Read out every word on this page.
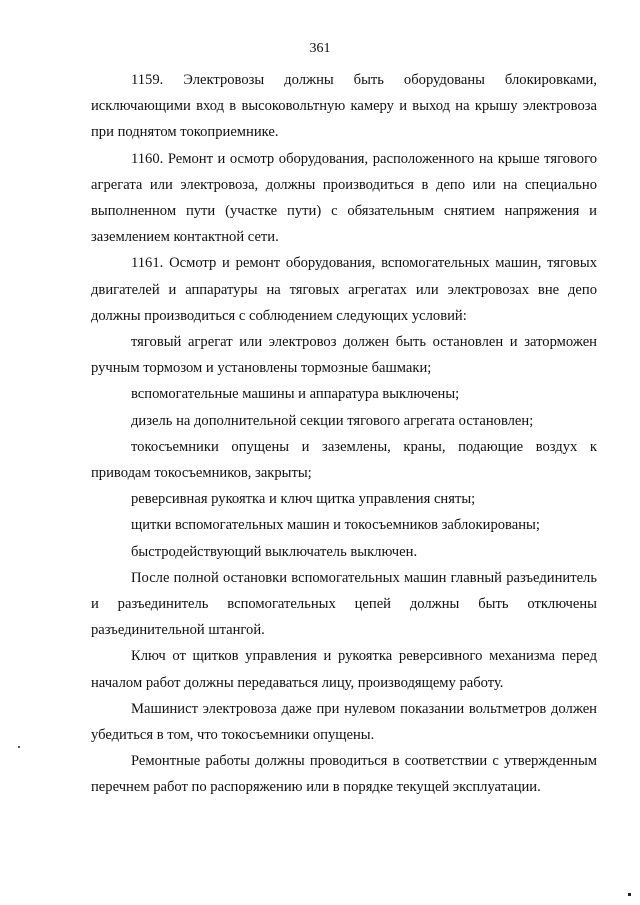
361

1159. Электровозы должны быть оборудованы блокировками, исключающими вход в высоковольтную камеру и выход на крышу электровоза при поднятом токоприемнике.

1160. Ремонт и осмотр оборудования, расположенного на крыше тягового агрегата или электровоза, должны производиться в депо или на специально выполненном пути (участке пути) с обязательным снятием напряжения и заземлением контактной сети.

1161. Осмотр и ремонт оборудования, вспомогательных машин, тяговых двигателей и аппаратуры на тяговых агрегатах или электровозах вне депо должны производиться с соблюдением следующих условий:

тяговый агрегат или электровоз должен быть остановлен и заторможен ручным тормозом и установлены тормозные башмаки;

вспомогательные машины и аппаратура выключены;

дизель на дополнительной секции тягового агрегата остановлен;

токосъемники опущены и заземлены, краны, подающие воздух к приводам токосъемников, закрыты;

реверсивная рукоятка и ключ щитка управления сняты;

щитки вспомогательных машин и токосъемников заблокированы;

быстродействующий выключатель выключен.

После полной остановки вспомогательных машин главный разъединитель и разъединитель вспомогательных цепей должны быть отключены разъединительной штангой.

Ключ от щитков управления и рукоятка реверсивного механизма перед началом работ должны передаваться лицу, производящему работу.

Машинист электровоза даже при нулевом показании вольтметров должен убедиться в том, что токосъемники опущены.

Ремонтные работы должны проводиться в соответствии с утвержденным перечнем работ по распоряжению или в порядке текущей эксплуатации.
